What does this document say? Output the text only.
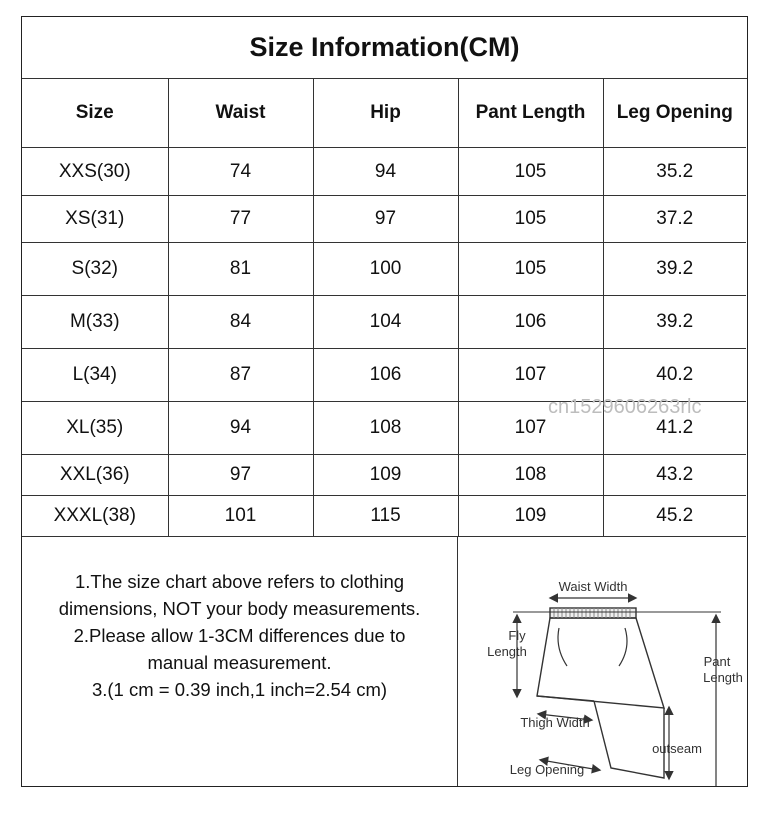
Size Information(CM)
Size	Waist	Hip	Pant Length	Leg Opening
XXS(30)	74	94	105	35.2
XS(31)	77	97	105	37.2
S(32)	81	100	105	39.2
M(33)	84	104	106	39.2
L(34)	87	106	107	40.2
XL(35)	94	108	107	41.2
XXL(36)	97	109	108	43.2
XXXL(38)	101	115	109	45.2
1.The size chart above refers to clothing
dimensions, NOT your body measurements.
2.Please allow 1-3CM differences due to
manual measurement.
3.(1 cm = 0.39 inch,1 inch=2.54 cm)
Waist Width
Fly
Length
Pant
Length
Thigh Width
outseam
Leg Opening
cn1529606263rlc
